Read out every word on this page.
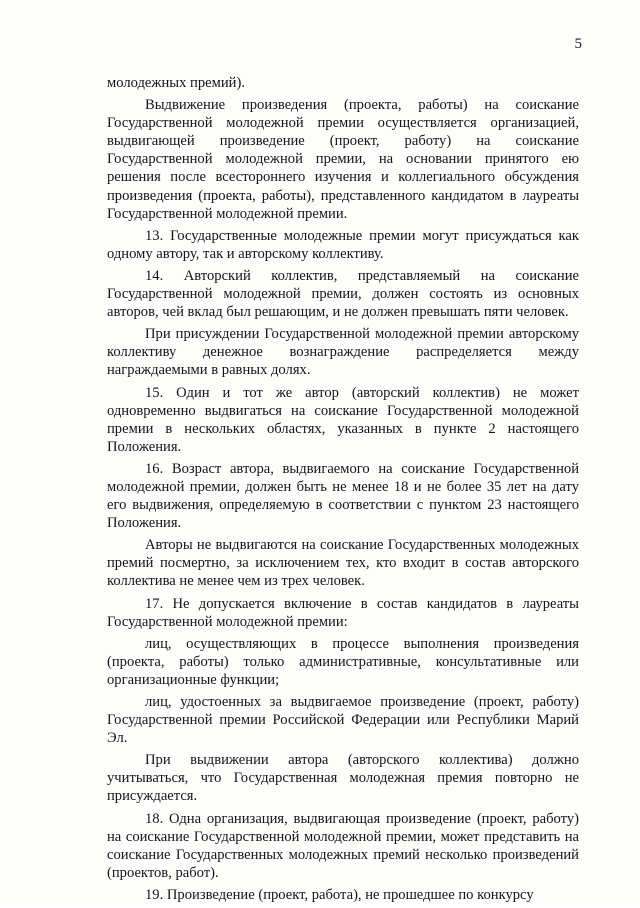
5

молодежных премий).

Выдвижение произведения (проекта, работы) на соискание Государственной молодежной премии осуществляется организацией, выдвигающей произведение (проект, работу) на соискание Государственной молодежной премии, на основании принятого ею решения после всестороннего изучения и коллегиального обсуждения произведения (проекта, работы), представленного кандидатом в лауреаты Государственной молодежной премии.

13. Государственные молодежные премии могут присуждаться как одному автору, так и авторскому коллективу.

14. Авторский коллектив, представляемый на соискание Государственной молодежной премии, должен состоять из основных авторов, чей вклад был решающим, и не должен превышать пяти человек.

При присуждении Государственной молодежной премии авторскому коллективу денежное вознаграждение распределяется между награждаемыми в равных долях.

15. Один и тот же автор (авторский коллектив) не может одновременно выдвигаться на соискание Государственной молодежной премии в нескольких областях, указанных в пункте 2 настоящего Положения.

16. Возраст автора, выдвигаемого на соискание Государственной молодежной премии, должен быть не менее 18 и не более 35 лет на дату его выдвижения, определяемую в соответствии с пунктом 23 настоящего Положения.

Авторы не выдвигаются на соискание Государственных молодежных премий посмертно, за исключением тех, кто входит в состав авторского коллектива не менее чем из трех человек.

17. Не допускается включение в состав кандидатов в лауреаты Государственной молодежной премии:

лиц, осуществляющих в процессе выполнения произведения (проекта, работы) только административные, консультативные или организационные функции;

лиц, удостоенных за выдвигаемое произведение (проект, работу) Государственной премии Российской Федерации или Республики Марий Эл.

При выдвижении автора (авторского коллектива) должно учитываться, что Государственная молодежная премия повторно не присуждается.

18. Одна организация, выдвигающая произведение (проект, работу) на соискание Государственной молодежной премии, может представить на соискание Государственных молодежных премий несколько произведений (проектов, работ).

19. Произведение (проект, работа), не прошедшее по конкурсу
